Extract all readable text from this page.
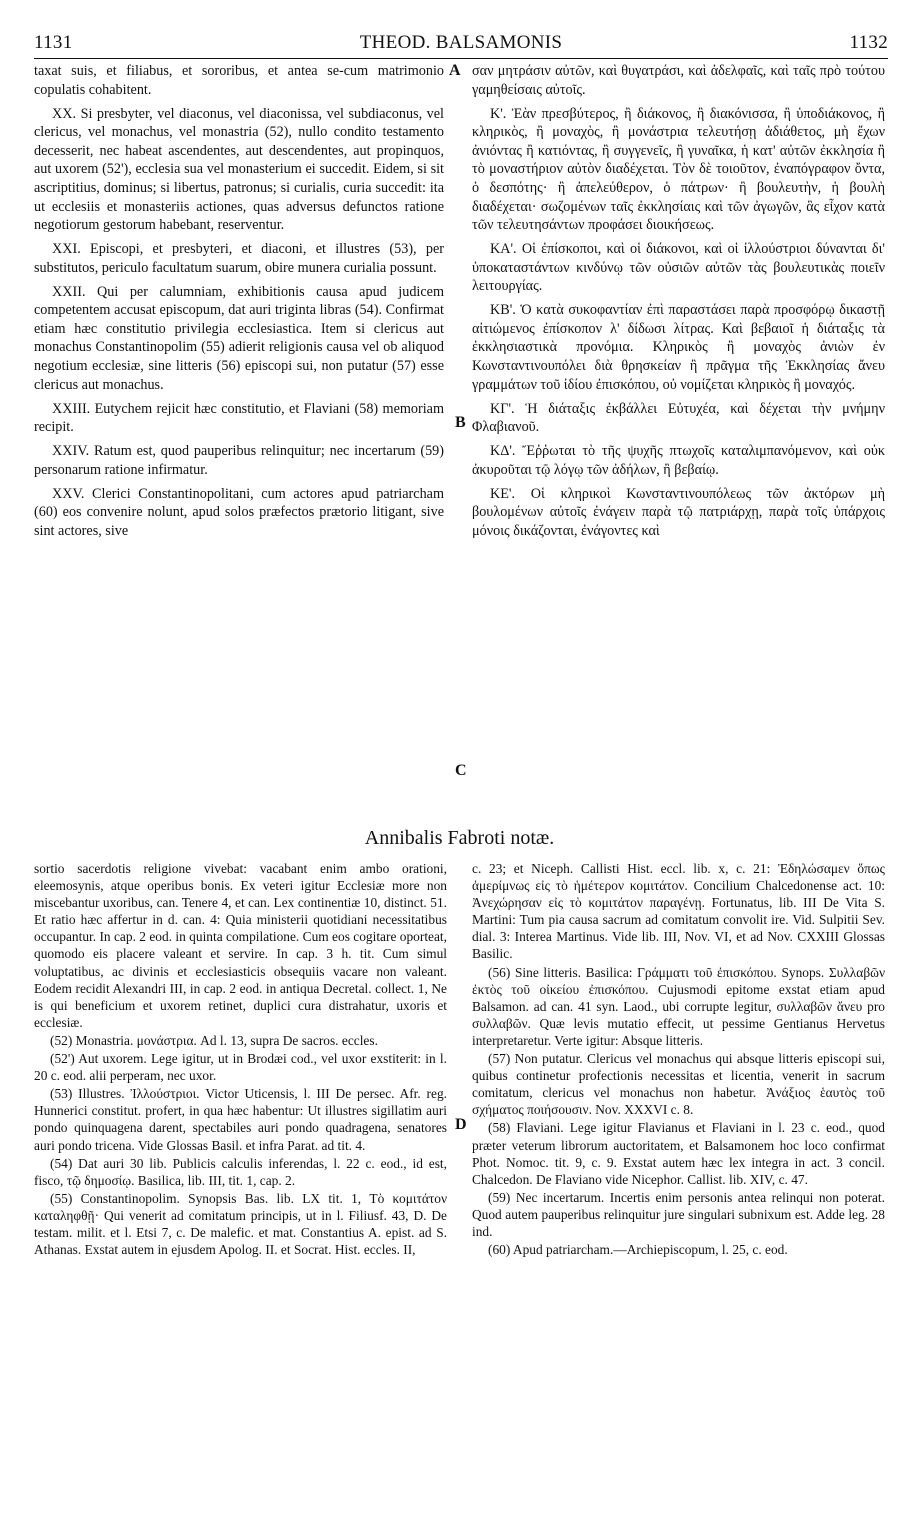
1131	THEOD. BALSAMONIS	1132
A
B
C
D

taxat suis, et filiabus, et sororibus, et antea se-cum matrimonio copulatis cohabitent.

XX. Si presbyter, vel diaconus, vel diaconissa, vel subdiaconus, vel clericus, vel monachus, vel monastria (52), nullo condito testamento decesserit, nec habeat ascendentes, aut descendentes, aut propinquos, aut uxorem (52'), ecclesia sua vel monasterium ei succedit. Eidem, si sit ascriptitius, dominus; si libertus, patronus; si curialis, curia succedit: ita ut ecclesiis et monasteriis actiones, quas adversus defunctos ratione negotiorum gestorum habebant, reserventur.

XXI. Episcopi, et presbyteri, et diaconi, et illustres (53), per substitutos, periculo facultatum suarum, obire munera curialia possunt.

XXII. Qui per calumniam, exhibitionis causa apud judicem competentem accusat episcopum, dat auri triginta libras (54). Confirmat etiam hæc constitutio privilegia ecclesiastica. Item si clericus aut monachus Constantinopolim (55) adierit religionis causa vel ob aliquod negotium ecclesiæ, sine litteris (56) episcopi sui, non putatur (57) esse clericus aut monachus.

XXIII. Eutychem rejicit hæc constitutio, et Flaviani (58) memoriam recipit.

XXIV. Ratum est, quod pauperibus relinquitur; nec incertarum (59) personarum ratione infirmatur.

XXV. Clerici Constantinopolitani, cum actores apud patriarcham (60) eos convenire nolunt, apud solos præfectos prætorio litigant, sive sint actores, sive

σαν μητράσιν αὐτῶν, καὶ θυγατράσι, καὶ ἀδελφαῖς, καὶ ταῖς πρὸ τούτου γαμηθείσαις αὐτοῖς.

Κ'. Ἐὰν πρεσβύτερος, ἢ διάκονος, ἢ διακόνισσα, ἢ ὑποδιάκονος, ἢ κληρικὸς, ἢ μοναχὸς, ἢ μονάστρια τελευτήσῃ ἀδιάθετος, μὴ ἔχων ἀνιόντας ἢ κατιόντας, ἢ συγγενεῖς, ἢ γυναῖκα, ἡ κατ' αὐτῶν ἐκκλησία ἢ τὸ μοναστήριον αὐτὸν διαδέχεται. Τὸν δὲ τοιοῦτον, ἐναπόγραφον ὄντα, ὁ δεσπότης· ἢ ἀπελεύθερον, ὁ πάτρων· ἢ βουλευτὴν, ἡ βουλὴ διαδέχεται· σωζομένων ταῖς ἐκκλησίαις καὶ τῶν ἀγωγῶν, ἃς εἶχον κατὰ τῶν τελευτησάντων προφάσει διοικήσεως.

ΚΑ'. Οἱ ἐπίσκοποι, καὶ οἱ διάκονοι, καὶ οἱ ἰλλούστριοι δύνανται δι' ὑποκαταστάντων κινδύνῳ τῶν οὐσιῶν αὐτῶν τὰς βουλευτικὰς ποιεῖν λειτουργίας.

ΚΒ'. Ὁ κατὰ συκοφαντίαν ἐπὶ παραστάσει παρὰ προσφόρῳ δικαστῇ αἰτιώμενος ἐπίσκοπον λ' δίδωσι λίτρας. Καὶ βεβαιοῖ ἡ διάταξις τὰ ἐκκλησιαστικὰ προνόμια. Κληρικὸς ἢ μοναχὸς ἀνιὼν ἐν Κωνσταντινουπόλει διὰ θρησκείαν ἢ πρᾶγμα τῆς Ἐκκλησίας ἄνευ γραμμάτων τοῦ ἰδίου ἐπισκόπου, οὐ νομίζεται κληρικὸς ἢ μοναχός.

ΚΓ'. Ἡ διάταξις ἐκβάλλει Εὐτυχέα, καὶ δέχεται τὴν μνήμην Φλαβιανοῦ.

ΚΔ'. Ἔῤῥωται τὸ τῆς ψυχῆς πτωχοῖς καταλιμπανόμενον, καὶ οὐκ ἀκυροῦται τῷ λόγῳ τῶν ἀδήλων, ἢ βεβαίῳ.

ΚΕ'. Οἱ κληρικοὶ Κωνσταντινουπόλεως τῶν ἀκτόρων μὴ βουλομένων αὐτοῖς ἐνάγειν παρὰ τῷ πατριάρχῃ, παρὰ τοῖς ὑπάρχοις μόνοις δικάζονται, ἐνάγοντες καὶ

Annibalis Fabroti notæ.

sortio sacerdotis religione vivebat: vacabant enim ambo orationi, eleemosynis, atque operibus bonis. Ex veteri igitur Ecclesiæ more non miscebantur uxoribus, can. Tenere 4, et can. Lex continentiæ 10, distinct. 51. Et ratio hæc affertur in d. can. 4: Quia ministerii quotidiani necessitatibus occupantur. In cap. 2 eod. in quinta compilatione. Cum eos cogitare oporteat, quomodo eis placere valeant et servire. In cap. 3 h. tit. Cum simul voluptatibus, ac divinis et ecclesiasticis obsequiis vacare non valeant. Eodem recidit Alexandri III, in cap. 2 eod. in antiqua Decretal. collect. 1, Ne is qui beneficium et uxorem retinet, duplici cura distrahatur, uxoris et ecclesiæ.

(52) Monastria. μονάστρια. Ad l. 13, supra De sacros. eccles.

(52') Aut uxorem. Lege igitur, ut in Brodæi cod., vel uxor exstiterit: in l. 20 c. eod. alii perperam, nec uxor.

(53) Illustres. Ἰλλούστριοι. Victor Uticensis, l. III De persec. Afr. reg. Hunnerici constitut. profert, in qua hæc habentur: Ut illustres sigillatim auri pondo quinquagena darent, spectabiles auri pondo quadragena, senatores auri pondo tricena. Vide Glossas Basil. et infra Parat. ad tit. 4.

(54) Dat auri 30 lib. Publicis calculis inferendas, l. 22 c. eod., id est, fisco, τῷ δημοσίῳ. Basilica, lib. III, tit. 1, cap. 2.

(55) Constantinopolim. Synopsis Bas. lib. LX tit. 1, Τὸ κομιτάτον καταληφθῇ· Qui venerit ad comitatum principis, ut in l. Filiusf. 43, D. De testam. milit. et l. Etsi 7, c. De malefic. et mat. Constantius A. epist. ad S. Athanas. Exstat autem in ejusdem Apolog. II. et Socrat. Hist. eccles. II,

c. 23; et Niceph. Callisti Hist. eccl. lib. x, c. 21: Ἐδηλώσαμεν ὅπως ἀμερίμνως εἰς τὸ ἡμέτερον κομιτάτον. Concilium Chalcedonense act. 10: Ἀνεχώρησαν εἰς τὸ κομιτάτον παραγένῃ. Fortunatus, lib. III De Vita S. Martini: Tum pia causa sacrum ad comitatum convolit ire. Vid. Sulpitii Sev. dial. 3: Interea Martinus. Vide lib. III, Nov. VI, et ad Nov. CXXIII Glossas Basilic.

(56) Sine litteris. Basilica: Γράμματι τοῦ ἐπισκόπου. Synops. Συλλαβῶν ἐκτὸς τοῦ οἰκείου ἐπισκόπου. Cujusmodi epitome exstat etiam apud Balsamon. ad can. 41 syn. Laod., ubi corrupte legitur, συλλαβῶν ἄνευ pro συλλαβῶν. Quæ levis mutatio effecit, ut pessime Gentianus Hervetus interpretaretur. Verte igitur: Absque litteris.

(57) Non putatur. Clericus vel monachus qui absque litteris episcopi sui, quibus continetur profectionis necessitas et licentia, venerit in sacrum comitatum, clericus vel monachus non habetur. Ἀνάξιος ἑαυτὸς τοῦ σχήματος ποιήσουσιν. Nov. XXXVI c. 8.

(58) Flaviani. Lege igitur Flavianus et Flaviani in l. 23 c. eod., quod præter veterum librorum auctoritatem, et Balsamonem hoc loco confirmat Phot. Nomoc. tit. 9, c. 9. Exstat autem hæc lex integra in act. 3 concil. Chalcedon. De Flaviano vide Nicephor. Callist. lib. XIV, c. 47.

(59) Nec incertarum. Incertis enim personis antea relinqui non poterat. Quod autem pauperibus relinquitur jure singulari subnixum est. Adde leg. 28 ind.

(60) Apud patriarcham.—Archiepiscopum, l. 25, c. eod.
